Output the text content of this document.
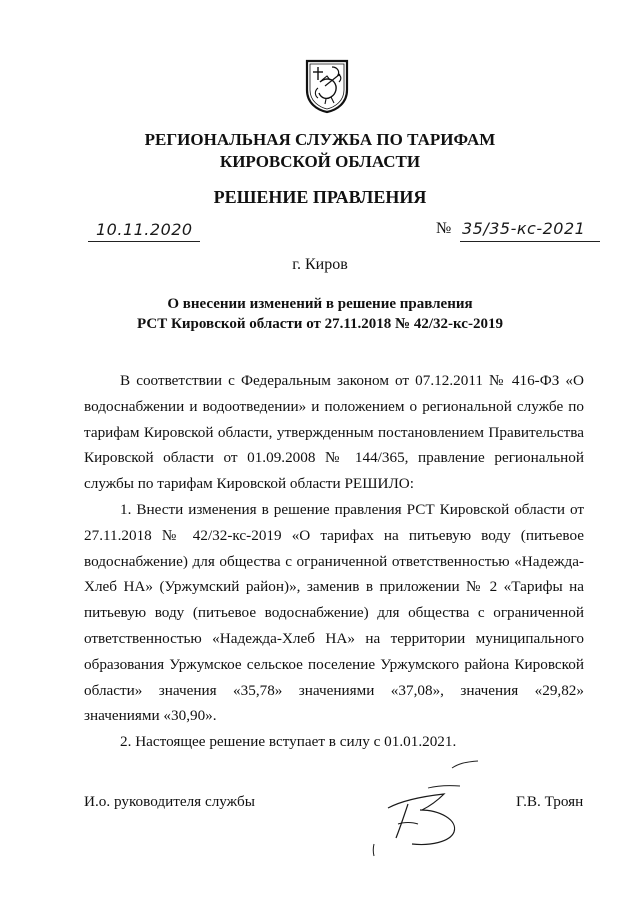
РЕГИОНАЛЬНАЯ СЛУЖБА ПО ТАРИФАМ
КИРОВСКОЙ ОБЛАСТИ
РЕШЕНИЕ ПРАВЛЕНИЯ
10.11.2020	№ 35/35-кс-2021
г. Киров
О внесении изменений в решение правления
РСТ Кировской области от 27.11.2018 № 42/32-кс-2019

В соответствии с Федеральным законом от 07.12.2011 № 416-ФЗ «О водоснабжении и водоотведении» и положением о региональной службе по тарифам Кировской области, утвержденным постановлением Правительства Кировской области от 01.09.2008 № 144/365, правление региональной службы по тарифам Кировской области РЕШИЛО:

1. Внести изменения в решение правления РСТ Кировской области от 27.11.2018 № 42/32-кс-2019 «О тарифах на питьевую воду (питьевое водоснабжение) для общества с ограниченной ответственностью «Надежда-Хлеб НА» (Уржумский район)», заменив в приложении № 2 «Тарифы на питьевую воду (питьевое водоснабжение) для общества с ограниченной ответственностью «Надежда-Хлеб НА» на территории муниципального образования Уржумское сельское поселение Уржумского района Кировской области» значения «35,78» значениями «37,08», значения «29,82» значениями «30,90».

2. Настоящее решение вступает в силу с 01.01.2021.

И.о. руководителя службы	Г.В. Троян
